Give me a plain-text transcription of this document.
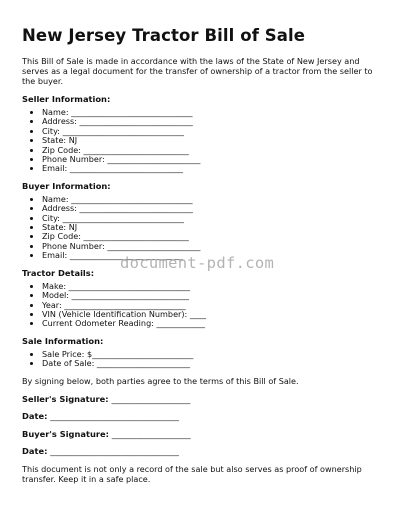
New Jersey Tractor Bill of Sale

This Bill of Sale is made in accordance with the laws of the State of New Jersey and serves as a legal document for the transfer of ownership of a tractor from the seller to the buyer.

Seller Information:
• Name: ______________________________
• Address: ____________________________
• City: ______________________________
• State: NJ
• Zip Code: __________________________
• Phone Number: _______________________
• Email: ____________________________
Buyer Information:
• Name: ______________________________
• Address: ____________________________
• City: ______________________________
• State: NJ
• Zip Code: __________________________
• Phone Number: _______________________
• Email: ____________________________
Tractor Details:
• Make: ______________________________
• Model: _____________________________
• Year: ______________________________
• VIN (Vehicle Identification Number): ____
• Current Odometer Reading: ____________
Sale Information:
• Sale Price: $_________________________
• Date of Sale: _______________________

By signing below, both parties agree to the terms of this Bill of Sale.

Seller's Signature: ___________________
Date: _______________________________
Buyer's Signature: ___________________
Date: _______________________________

This document is not only a record of the sale but also serves as proof of ownership transfer. Keep it in a safe place.

document-pdf.com
